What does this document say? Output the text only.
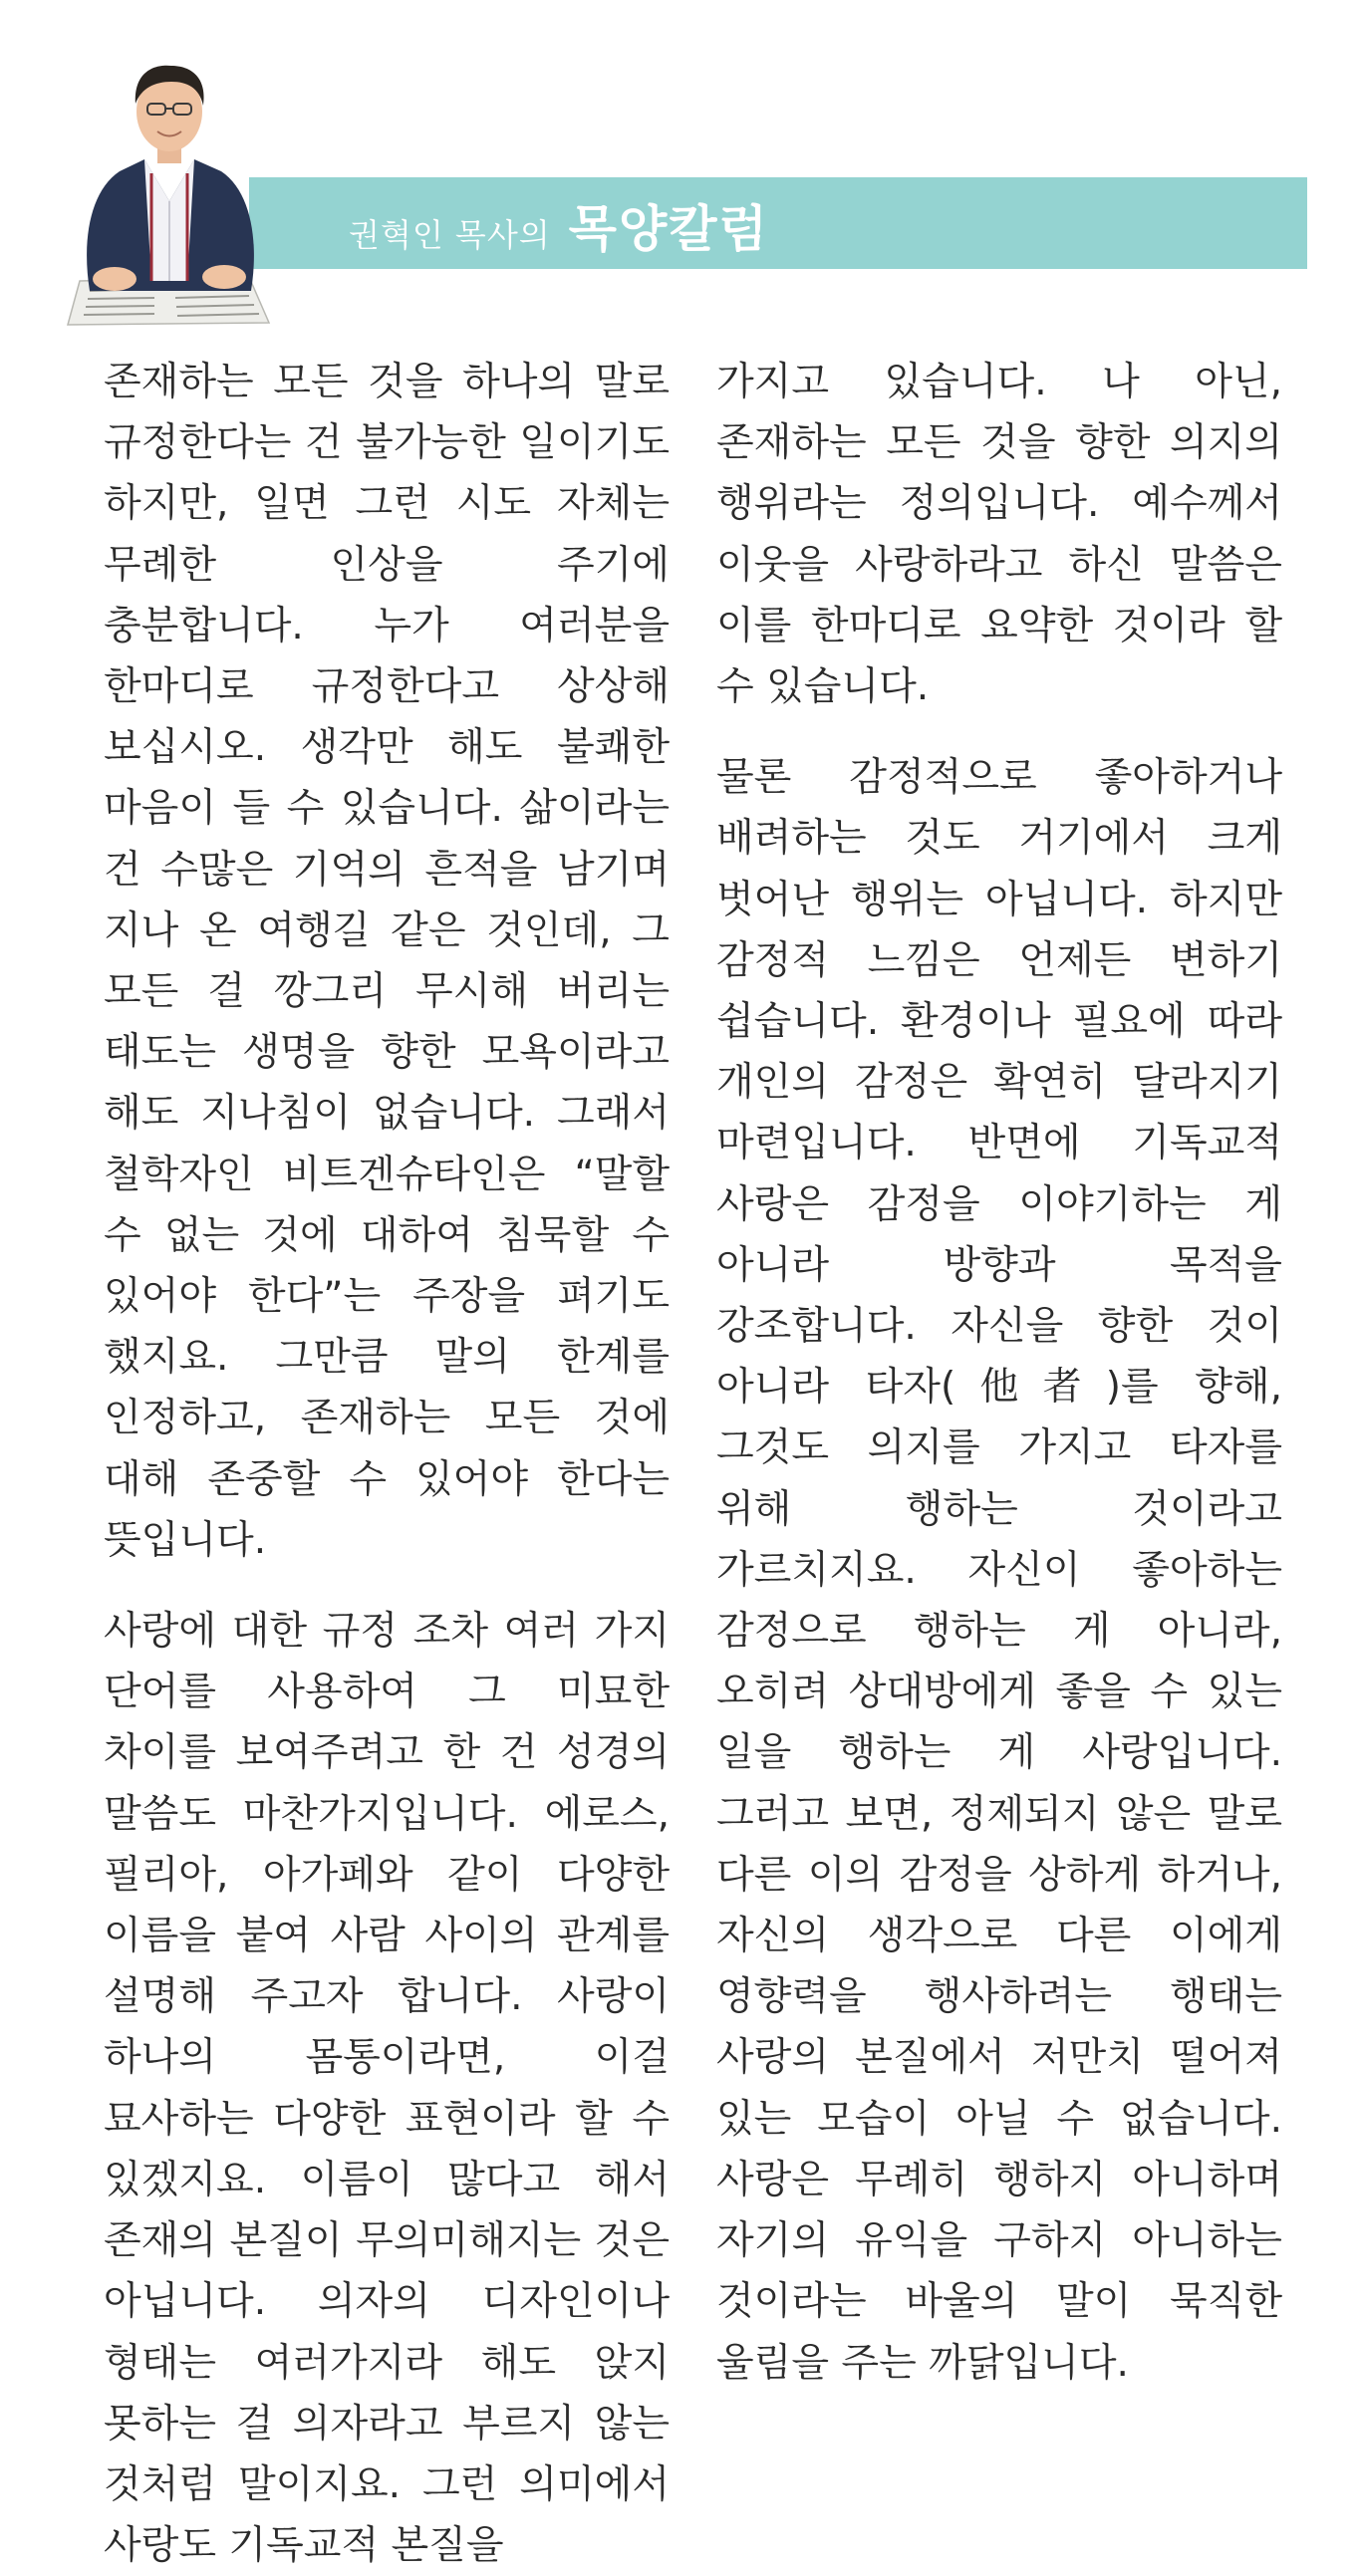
권혁인 목사의 목양칼럼

존재하는 모든 것을 하나의 말로 규정한다는 건 불가능한 일이기도 하지만, 일면 그런 시도 자체는 무례한 인상을 주기에 충분합니다. 누가 여러분을 한마디로 규정한다고 상상해 보십시오. 생각만 해도 불쾌한 마음이 들 수 있습니다. 삶이라는 건 수많은 기억의 흔적을 남기며 지나 온 여행길 같은 것인데, 그 모든 걸 깡그리 무시해 버리는 태도는 생명을 향한 모욕이라고 해도 지나침이 없습니다. 그래서 철학자인 비트겐슈타인은 “말할 수 없는 것에 대하여 침묵할 수 있어야 한다”는 주장을 펴기도 했지요. 그만큼 말의 한계를 인정하고, 존재하는 모든 것에 대해 존중할 수 있어야 한다는 뜻입니다.

사랑에 대한 규정 조차 여러 가지 단어를 사용하여 그 미묘한 차이를 보여주려고 한 건 성경의 말씀도 마찬가지입니다. 에로스, 필리아, 아가페와 같이 다양한 이름을 붙여 사람 사이의 관계를 설명해 주고자 합니다. 사랑이 하나의 몸통이라면, 이걸 묘사하는 다양한 표현이라 할 수 있겠지요. 이름이 많다고 해서 존재의 본질이 무의미해지는 것은 아닙니다. 의자의 디자인이나 형태는 여러가지라 해도 앉지 못하는 걸 의자라고 부르지 않는 것처럼 말이지요. 그런 의미에서 사랑도 기독교적 본질을

가지고 있습니다. 나 아닌, 존재하는 모든 것을 향한 의지의 행위라는 정의입니다. 예수께서 이웃을 사랑하라고 하신 말씀은 이를 한마디로 요약한 것이라 할 수 있습니다.

물론 감정적으로 좋아하거나 배려하는 것도 거기에서 크게 벗어난 행위는 아닙니다. 하지만 감정적 느낌은 언제든 변하기 쉽습니다. 환경이나 필요에 따라 개인의 감정은 확연히 달라지기 마련입니다. 반면에 기독교적 사랑은 감정을 이야기하는 게 아니라 방향과 목적을 강조합니다. 자신을 향한 것이 아니라 타자(他者)를 향해, 그것도 의지를 가지고 타자를 위해 행하는 것이라고 가르치지요. 자신이 좋아하는 감정으로 행하는 게 아니라, 오히려 상대방에게 좋을 수 있는 일을 행하는 게 사랑입니다. 그러고 보면, 정제되지 않은 말로 다른 이의 감정을 상하게 하거나, 자신의 생각으로 다른 이에게 영향력을 행사하려는 행태는 사랑의 본질에서 저만치 떨어져 있는 모습이 아닐 수 없습니다. 사랑은 무례히 행하지 아니하며 자기의 유익을 구하지 아니하는 것이라는 바울의 말이 묵직한 울림을 주는 까닭입니다.
